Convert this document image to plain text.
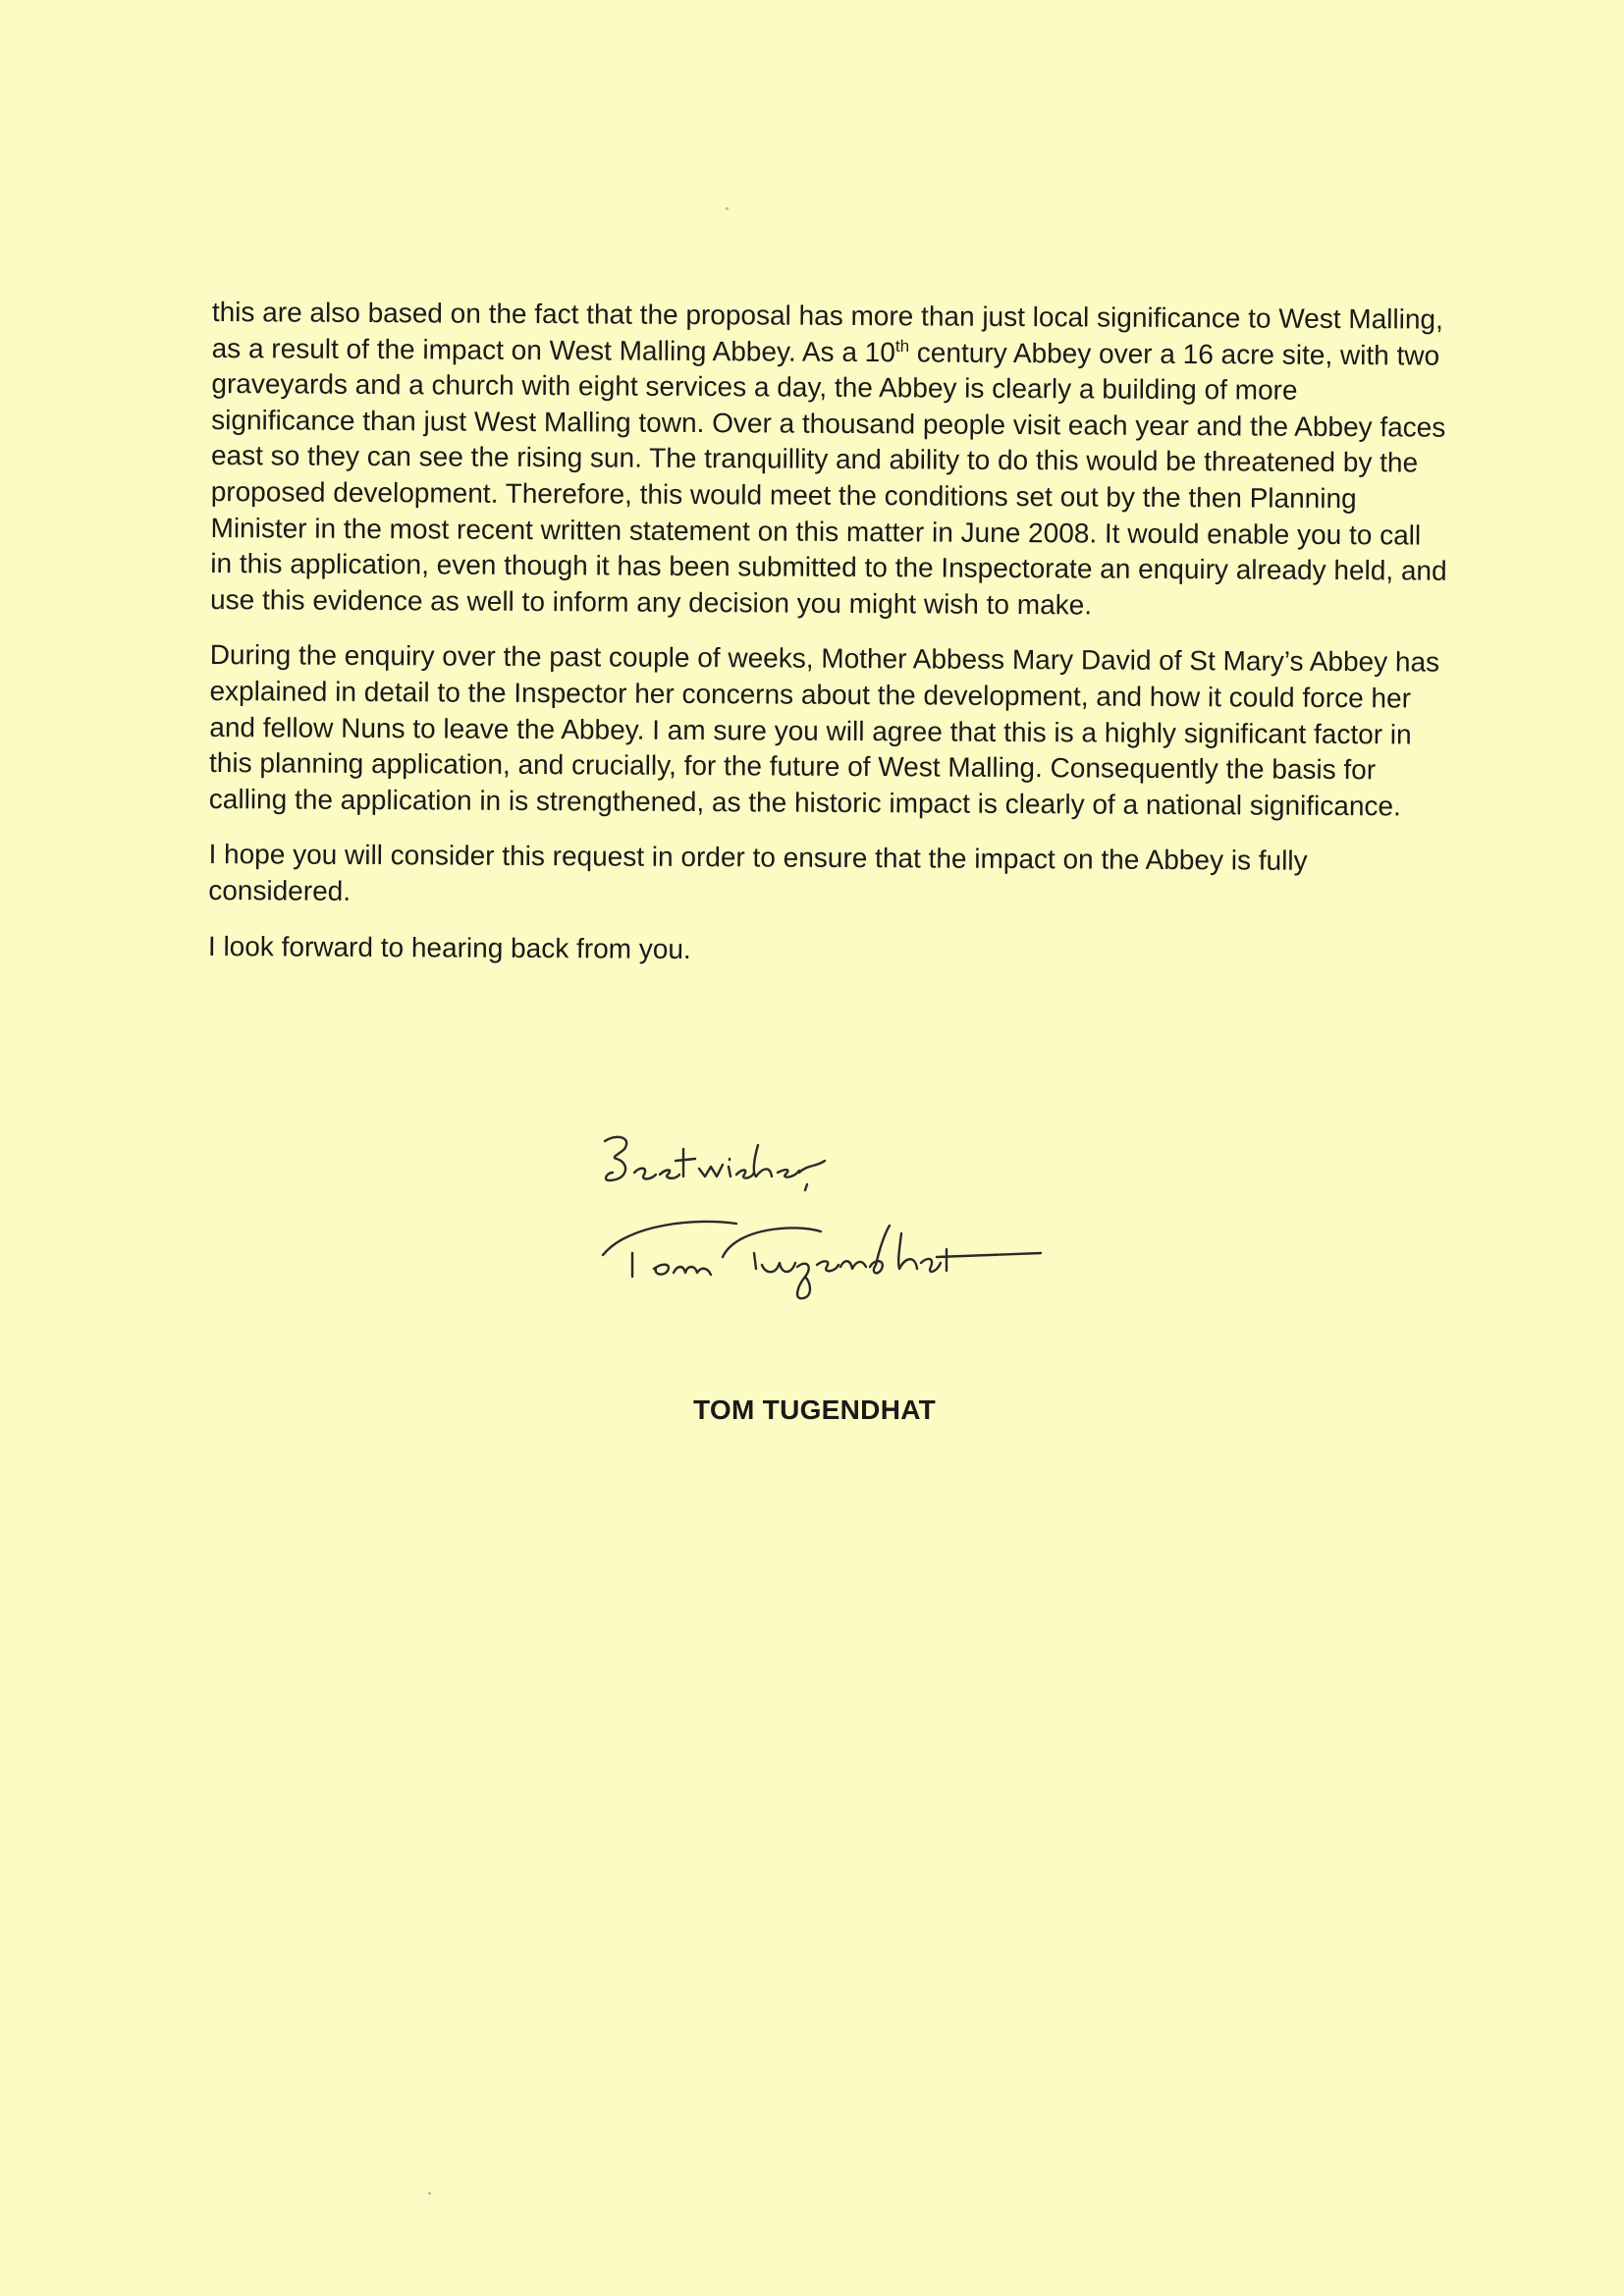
this are also based on the fact that the proposal has more than just local significance to West Malling, as a result of the impact on West Malling Abbey. As a 10th century Abbey over a 16 acre site, with two graveyards and a church with eight services a day, the Abbey is clearly a building of more significance than just West Malling town. Over a thousand people visit each year and the Abbey faces east so they can see the rising sun. The tranquillity and ability to do this would be threatened by the proposed development. Therefore, this would meet the conditions set out by the then Planning Minister in the most recent written statement on this matter in June 2008. It would enable you to call in this application, even though it has been submitted to the Inspectorate an enquiry already held, and use this evidence as well to inform any decision you might wish to make.

During the enquiry over the past couple of weeks, Mother Abbess Mary David of St Mary’s Abbey has explained in detail to the Inspector her concerns about the development, and how it could force her and fellow Nuns to leave the Abbey. I am sure you will agree that this is a highly significant factor in this planning application, and crucially, for the future of West Malling. Consequently the basis for calling the application in is strengthened, as the historic impact is clearly of a national significance.

I hope you will consider this request in order to ensure that the impact on the Abbey is fully considered.

I look forward to hearing back from you.

TOM TUGENDHAT
